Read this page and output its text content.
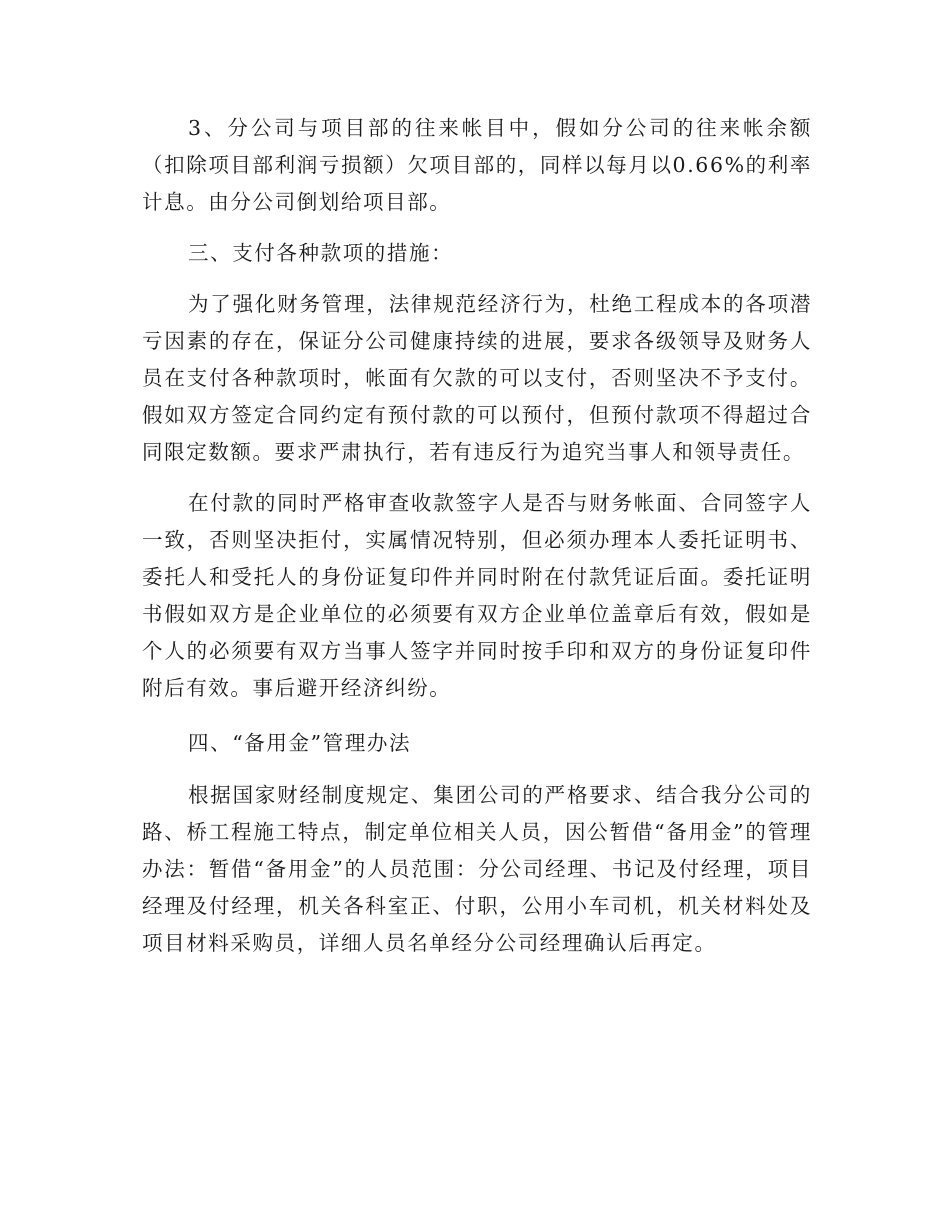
3、分公司与项目部的往来帐目中，假如分公司的往来帐余额（扣除项目部利润亏损额）欠项目部的，同样以每月以0.66%的利率计息。由分公司倒划给项目部。

三、支付各种款项的措施：

为了强化财务管理，法律规范经济行为，杜绝工程成本的各项潜亏因素的存在，保证分公司健康持续的进展，要求各级领导及财务人员在支付各种款项时，帐面有欠款的可以支付，否则坚决不予支付。假如双方签定合同约定有预付款的可以预付，但预付款项不得超过合同限定数额。要求严肃执行，若有违反行为追究当事人和领导责任。

在付款的同时严格审查收款签字人是否与财务帐面、合同签字人一致，否则坚决拒付，实属情况特别，但必须办理本人委托证明书、委托人和受托人的身份证复印件并同时附在付款凭证后面。委托证明书假如双方是企业单位的必须要有双方企业单位盖章后有效，假如是个人的必须要有双方当事人签字并同时按手印和双方的身份证复印件附后有效。事后避开经济纠纷。

四、“备用金”管理办法

根据国家财经制度规定、集团公司的严格要求、结合我分公司的路、桥工程施工特点，制定单位相关人员，因公暂借“备用金”的管理办法：暂借“备用金”的人员范围：分公司经理、书记及付经理，项目经理及付经理，机关各科室正、付职，公用小车司机，机关材料处及项目材料采购员，详细人员名单经分公司经理确认后再定。
